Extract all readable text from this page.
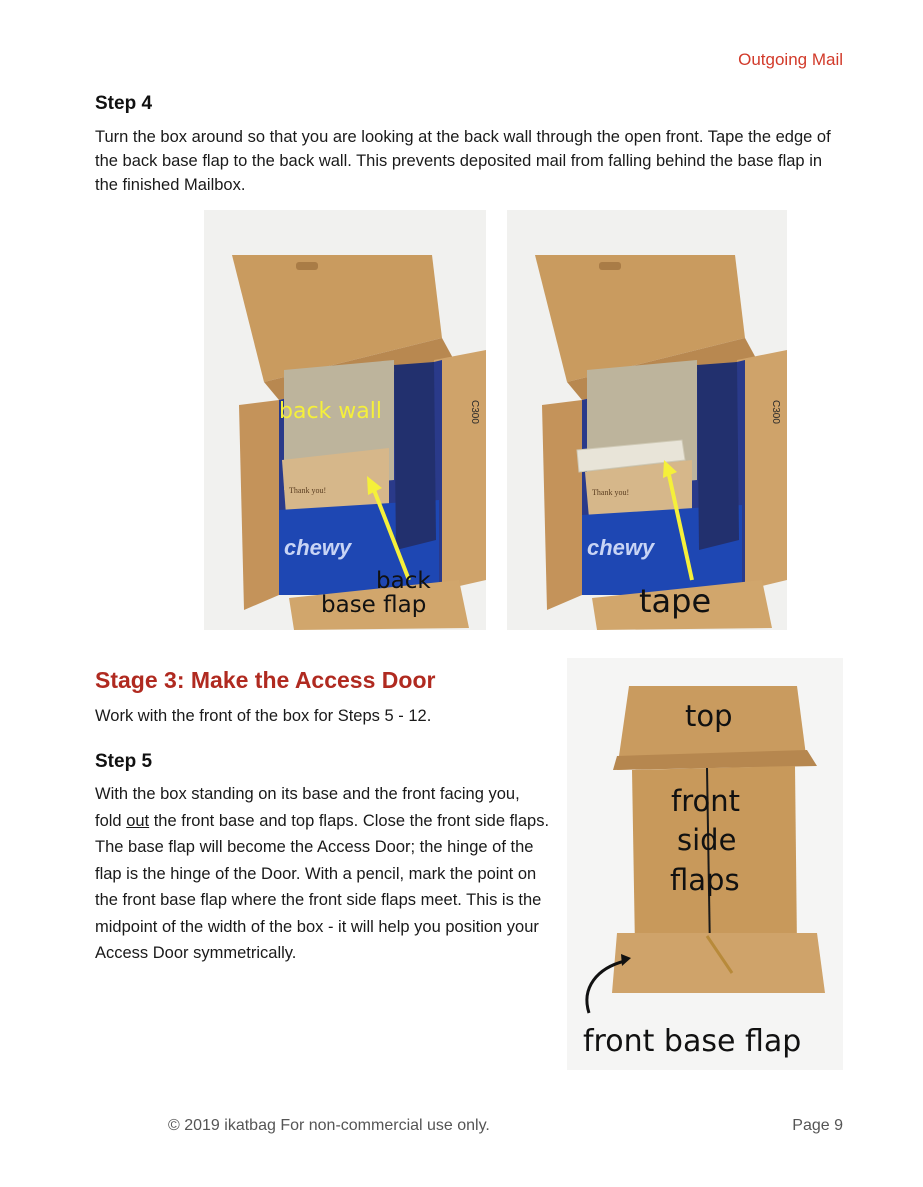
Outgoing Mail
Step 4

Turn the box around so that you are looking at the back wall through the open front. Tape the edge of the back base flap to the back wall. This prevents deposited mail from falling behind the base flap in the finished Mailbox.

Thank you!
chewy
C300
back wall
back
base flap
Thank you!
chewy
C300
tape
Stage 3: Make the Access Door

Work with the front of the box for Steps 5 - 12.

Step 5

With the box standing on its base and the front facing you, fold out the front base and top flaps. Close the front side flaps. The base flap will become the Access Door; the hinge of the flap is the hinge of the Door. With a pencil, mark the point on the front base flap where the front side flaps meet. This is the midpoint of the width of the box - it will help you position your Access Door symmetrically.

top
front
side
flaps
front base flap
© 2019 ikatbag For non-commercial use only.	Page 9
